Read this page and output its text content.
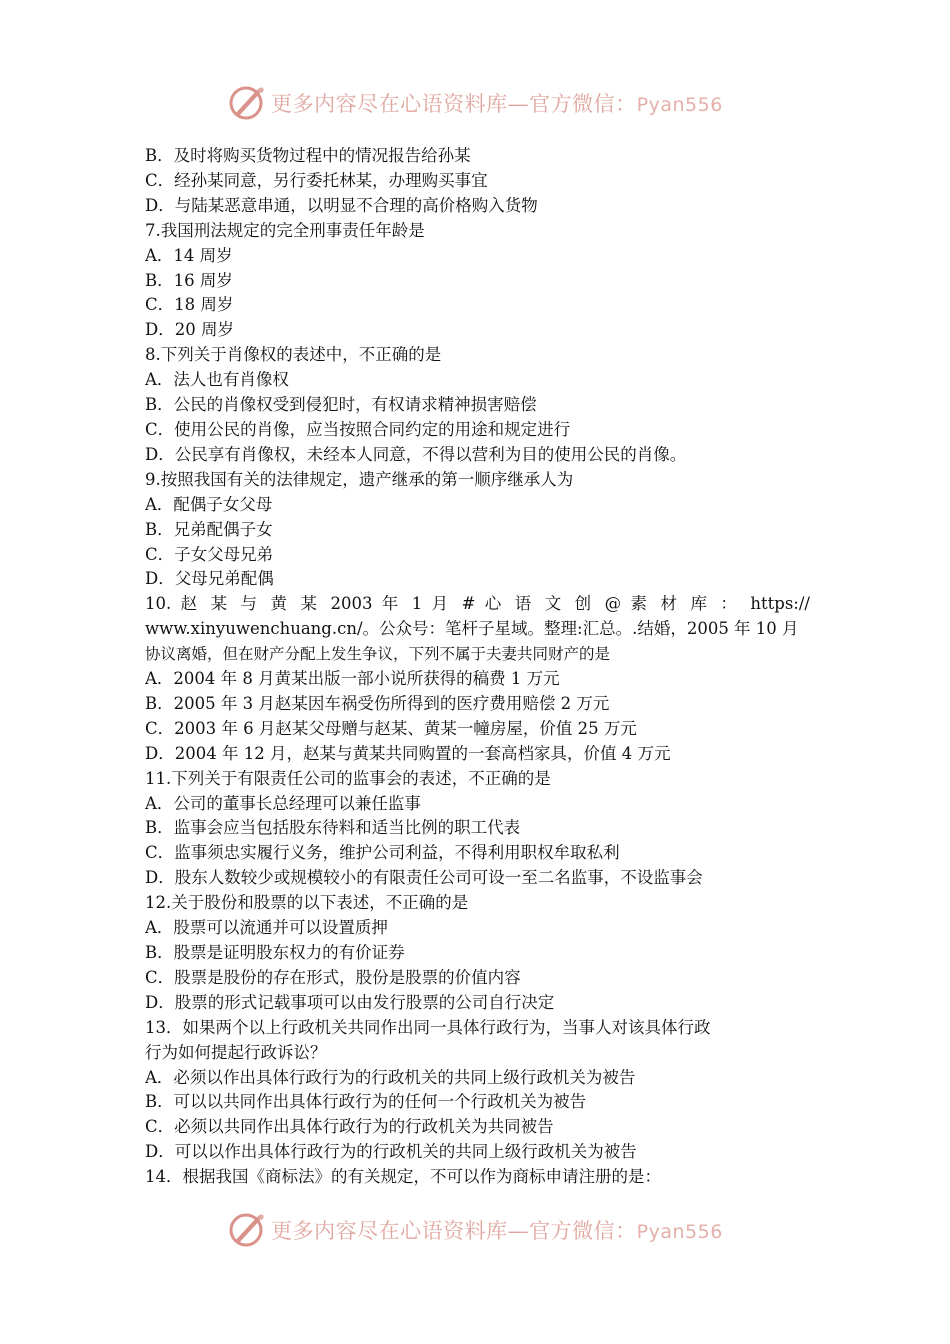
更多内容尽在心语资料库—官方微信：Pyan556
B．及时将购买货物过程中的情况报告给孙某
C．经孙某同意，另行委托林某，办理购买事宜
D．与陆某恶意串通，以明显不合理的高价格购入货物
7.我国刑法规定的完全刑事责任年龄是
A．14 周岁
B．16 周岁
C．18 周岁
D．20 周岁
8.下列关于肖像权的表述中，不正确的是
A．法人也有肖像权
B．公民的肖像权受到侵犯时，有权请求精神损害赔偿
C．使用公民的肖像，应当按照合同约定的用途和规定进行
D．公民享有肖像权，未经本人同意，不得以营利为目的使用公民的肖像。
9.按照我国有关的法律规定，遗产继承的第一顺序继承人为
A．配偶子女父母
B．兄弟配偶子女
C．子女父母兄弟
D．父母兄弟配偶
10. 赵 某 与 黄 某 2003 年 1 月 # 心 语 文 创 @ 素 材 库 ： https://
www.xinyuwenchuang.cn/。公众号：笔杆子星域。整理:汇总。.结婚，2005 年 10 月
协议离婚，但在财产分配上发生争议，下列不属于夫妻共同财产的是
A．2004 年 8 月黄某出版一部小说所获得的稿费 1 万元
B．2005 年 3 月赵某因车祸受伤所得到的医疗费用赔偿 2 万元
C．2003 年 6 月赵某父母赠与赵某、黄某一幢房屋，价值 25 万元
D．2004 年 12 月，赵某与黄某共同购置的一套高档家具，价值 4 万元
11.下列关于有限责任公司的监事会的表述，不正确的是
A．公司的董事长总经理可以兼任监事
B．监事会应当包括股东待料和适当比例的职工代表
C．监事须忠实履行义务，维护公司利益，不得利用职权牟取私利
D．股东人数较少或规模较小的有限责任公司可设一至二名监事，不设监事会
12.关于股份和股票的以下表述，不正确的是
A．股票可以流通并可以设置质押
B．股票是证明股东权力的有价证券
C．股票是股份的存在形式，股份是股票的价值内容
D．股票的形式记载事项可以由发行股票的公司自行决定
13．如果两个以上行政机关共同作出同一具体行政行为，当事人对该具体行政
行为如何提起行政诉讼？
A．必须以作出具体行政行为的行政机关的共同上级行政机关为被告
B．可以以共同作出具体行政行为的任何一个行政机关为被告
C．必须以共同作出具体行政行为的行政机关为共同被告
D．可以以作出具体行政行为的行政机关的共同上级行政机关为被告
14．根据我国《商标法》的有关规定，不可以作为商标申请注册的是：
更多内容尽在心语资料库—官方微信：Pyan556
